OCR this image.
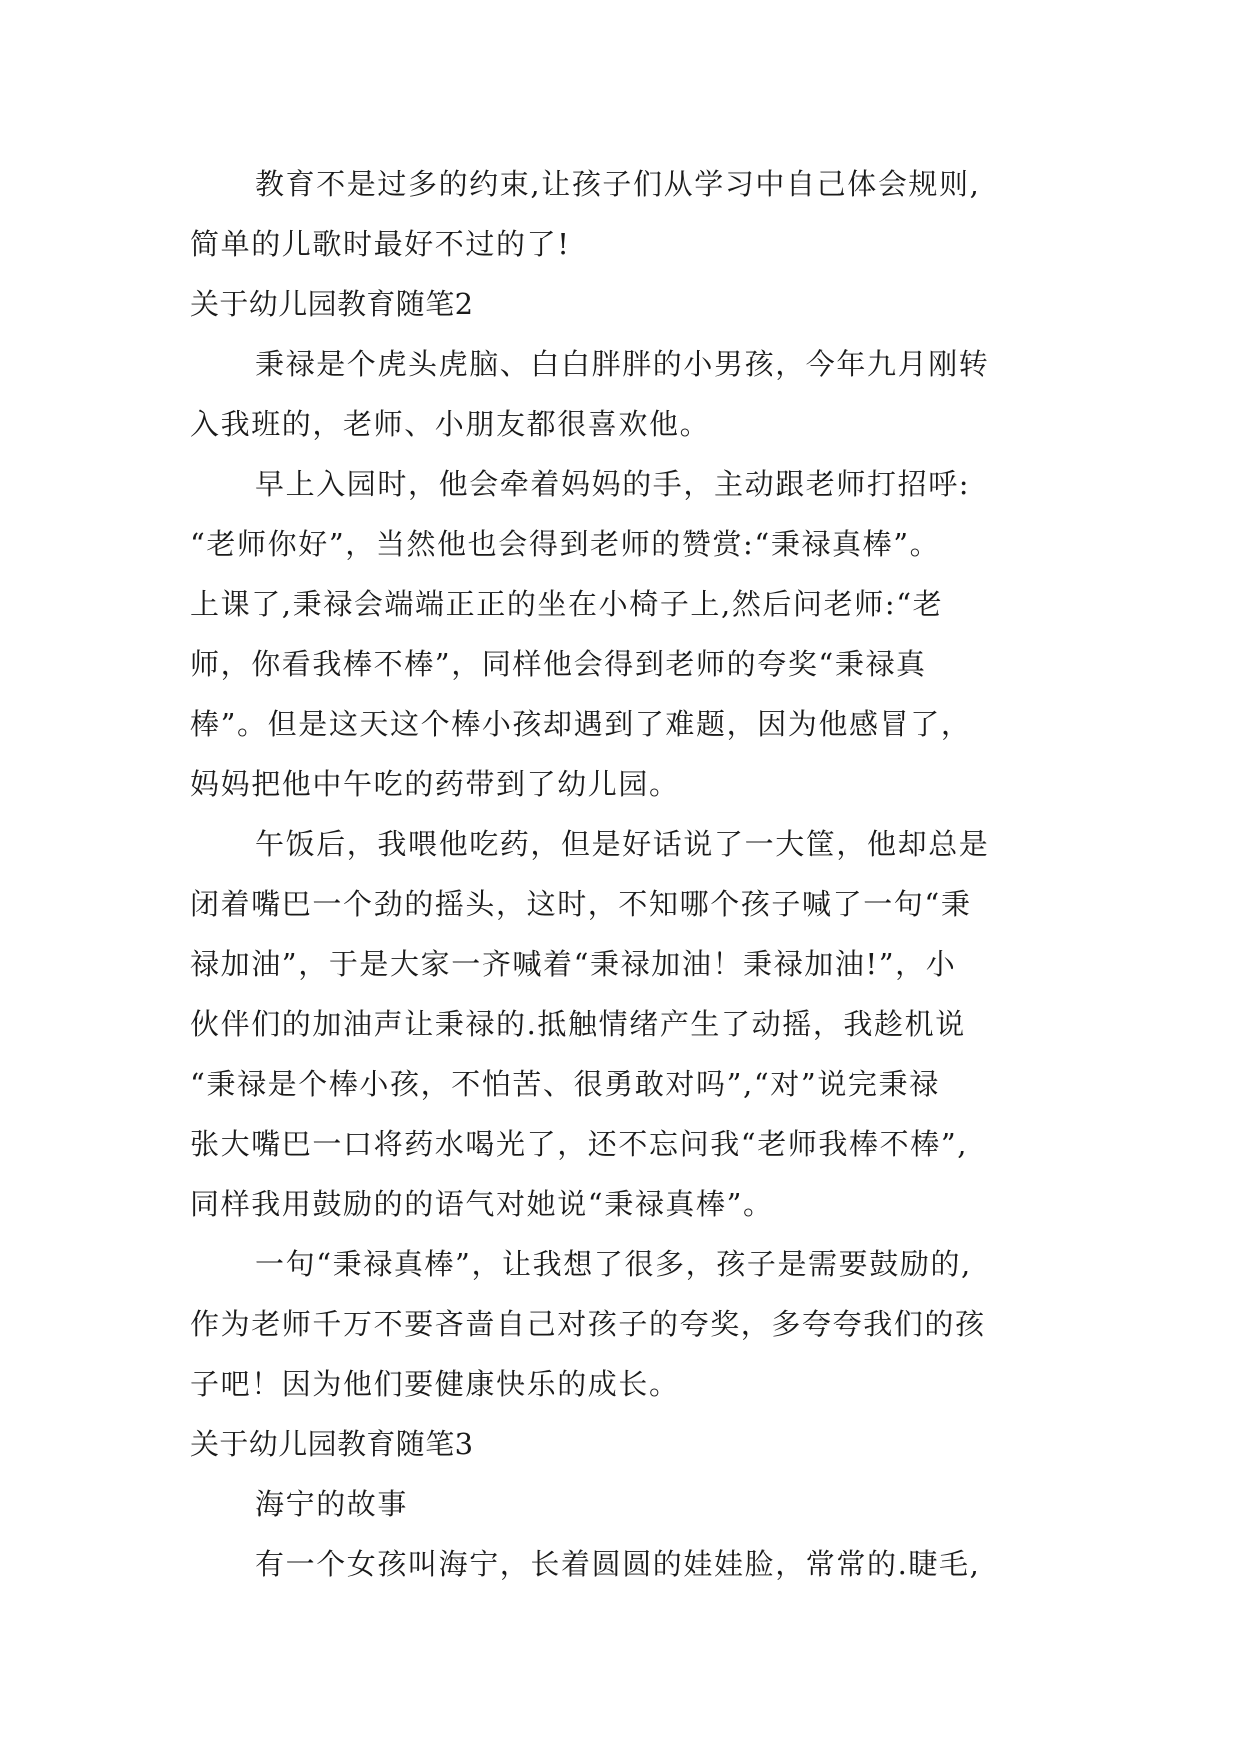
教育不是过多的约束,让孩子们从学习中自己体会规则,
简单的儿歌时最好不过的了!
关于幼儿园教育随笔2
秉禄是个虎头虎脑、白白胖胖的小男孩，今年九月刚转
入我班的，老师、小朋友都很喜欢他。
早上入园时，他会牵着妈妈的手，主动跟老师打招呼:
“老师你好”，当然他也会得到老师的赞赏:“秉禄真棒”。
上课了,秉禄会端端正正的坐在小椅子上,然后问老师:“老
师，你看我棒不棒”，同样他会得到老师的夸奖“秉禄真
棒”。但是这天这个棒小孩却遇到了难题，因为他感冒了，
妈妈把他中午吃的药带到了幼儿园。
午饭后，我喂他吃药，但是好话说了一大筐，他却总是
闭着嘴巴一个劲的摇头，这时，不知哪个孩子喊了一句“秉
禄加油”，于是大家一齐喊着“秉禄加油！秉禄加油!”，小
伙伴们的加油声让秉禄的.抵触情绪产生了动摇，我趁机说
“秉禄是个棒小孩，不怕苦、很勇敢对吗”,“对”说完秉禄
张大嘴巴一口将药水喝光了，还不忘问我“老师我棒不棒”,
同样我用鼓励的的语气对她说“秉禄真棒”。
一句“秉禄真棒”，让我想了很多，孩子是需要鼓励的,
作为老师千万不要吝啬自己对孩子的夸奖，多夸夸我们的孩
子吧！因为他们要健康快乐的成长。
关于幼儿园教育随笔3
海宁的故事
有一个女孩叫海宁，长着圆圆的娃娃脸，常常的.睫毛,
